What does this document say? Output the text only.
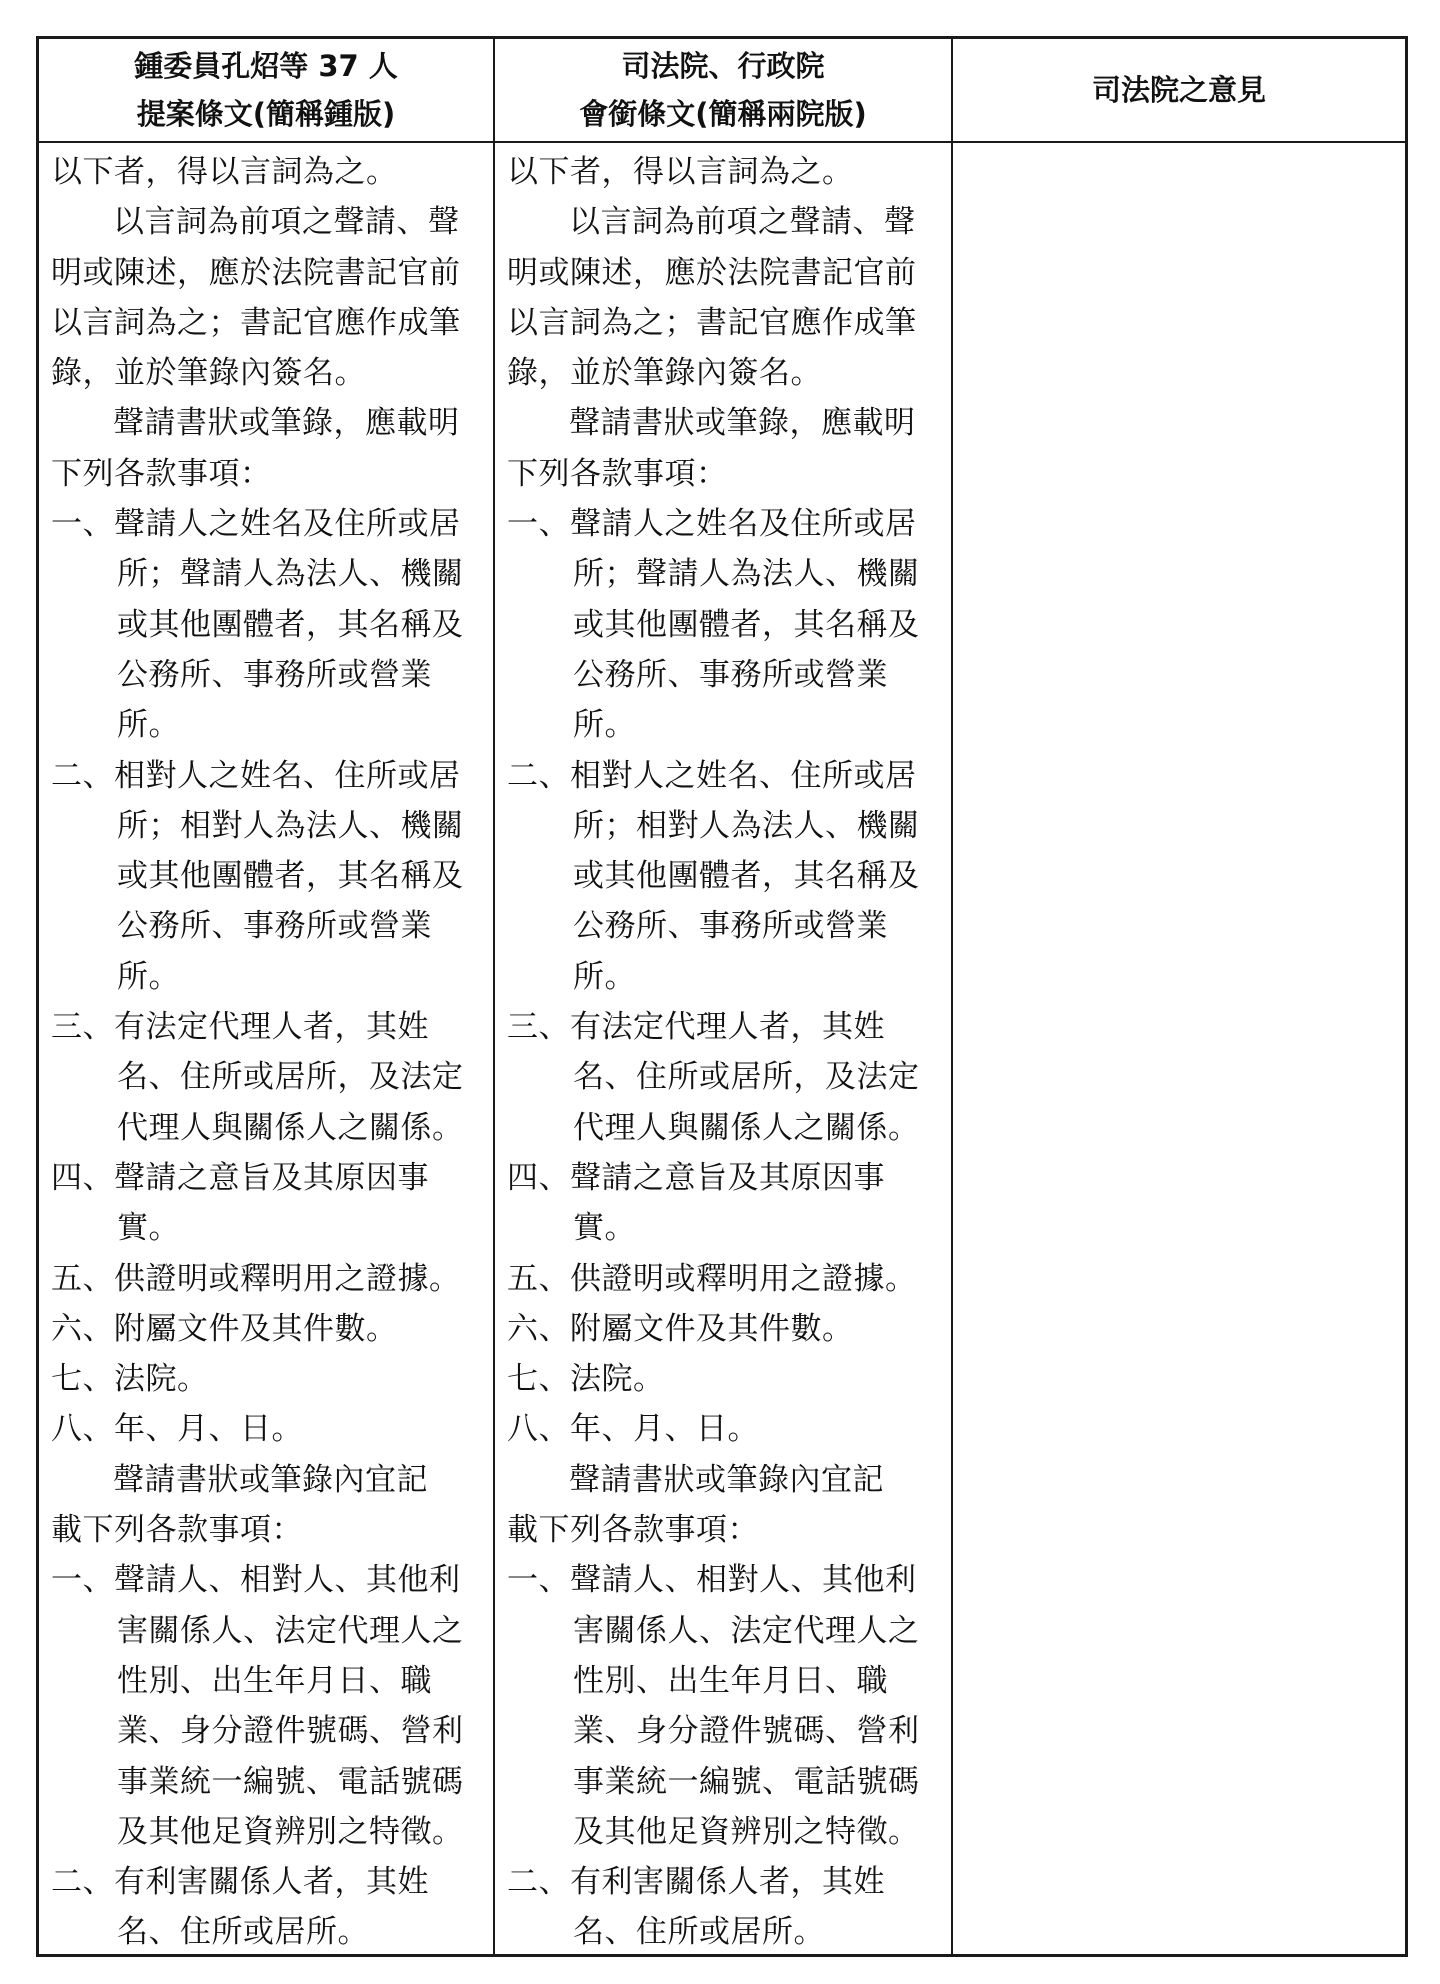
鍾委員孔炤等 37 人
提案條文(簡稱鍾版)
司法院、行政院
會銜條文(簡稱兩院版)
司法院之意見
以下者，得以言詞為之。
以言詞為前項之聲請、聲
明或陳述，應於法院書記官前
以言詞為之；書記官應作成筆
錄，並於筆錄內簽名。
聲請書狀或筆錄，應載明
下列各款事項：
一、聲請人之姓名及住所或居
所；聲請人為法人、機關
或其他團體者，其名稱及
公務所、事務所或營業
所。
二、相對人之姓名、住所或居
所；相對人為法人、機關
或其他團體者，其名稱及
公務所、事務所或營業
所。
三、有法定代理人者，其姓
名、住所或居所，及法定
代理人與關係人之關係。
四、聲請之意旨及其原因事
實。
五、供證明或釋明用之證據。
六、附屬文件及其件數。
七、法院。
八、年、月、日。
聲請書狀或筆錄內宜記
載下列各款事項：
一、聲請人、相對人、其他利
害關係人、法定代理人之
性別、出生年月日、職
業、身分證件號碼、營利
事業統一編號、電話號碼
及其他足資辨別之特徵。
二、有利害關係人者，其姓
名、住所或居所。
以下者，得以言詞為之。
以言詞為前項之聲請、聲
明或陳述，應於法院書記官前
以言詞為之；書記官應作成筆
錄，並於筆錄內簽名。
聲請書狀或筆錄，應載明
下列各款事項：
一、聲請人之姓名及住所或居
所；聲請人為法人、機關
或其他團體者，其名稱及
公務所、事務所或營業
所。
二、相對人之姓名、住所或居
所；相對人為法人、機關
或其他團體者，其名稱及
公務所、事務所或營業
所。
三、有法定代理人者，其姓
名、住所或居所，及法定
代理人與關係人之關係。
四、聲請之意旨及其原因事
實。
五、供證明或釋明用之證據。
六、附屬文件及其件數。
七、法院。
八、年、月、日。
聲請書狀或筆錄內宜記
載下列各款事項：
一、聲請人、相對人、其他利
害關係人、法定代理人之
性別、出生年月日、職
業、身分證件號碼、營利
事業統一編號、電話號碼
及其他足資辨別之特徵。
二、有利害關係人者，其姓
名、住所或居所。
